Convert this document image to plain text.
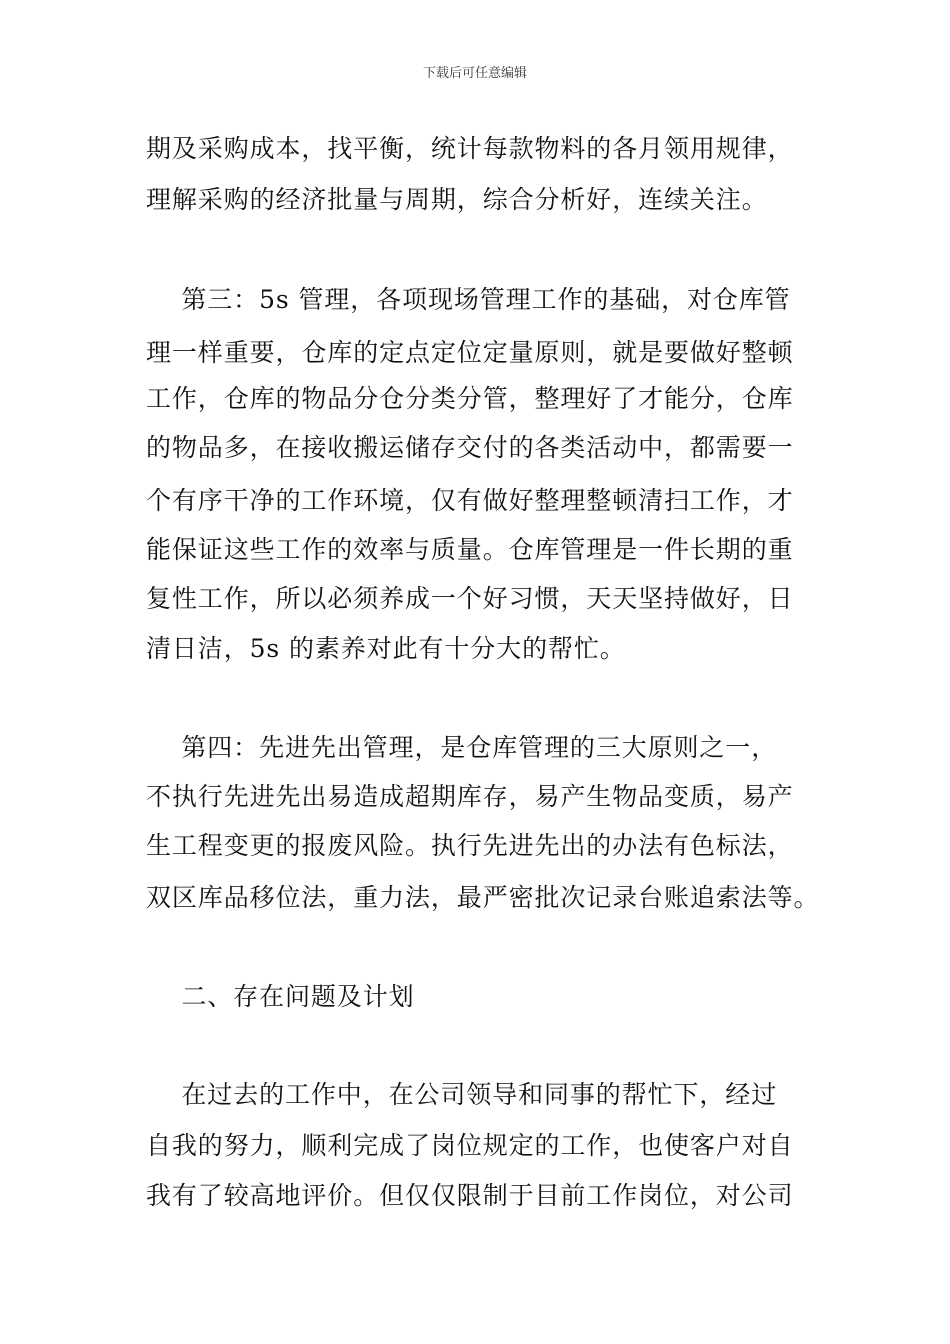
下载后可任意编辑
期及采购成本，找平衡，统计每款物料的各月领用规律，
理解采购的经济批量与周期，综合分析好，连续关注。
第三：5s 管理，各项现场管理工作的基础，对仓库管
理一样重要，仓库的定点定位定量原则，就是要做好整顿
工作，仓库的物品分仓分类分管，整理好了才能分，仓库
的物品多，在接收搬运储存交付的各类活动中，都需要一
个有序干净的工作环境，仅有做好整理整顿清扫工作，才
能保证这些工作的效率与质量。仓库管理是一件长期的重
复性工作，所以必须养成一个好习惯，天天坚持做好，日
清日洁，5s 的素养对此有十分大的帮忙。
第四：先进先出管理，是仓库管理的三大原则之一，
不执行先进先出易造成超期库存，易产生物品变质，易产
生工程变更的报废风险。执行先进先出的办法有色标法，
双区库品移位法，重力法，最严密批次记录台账追索法等。
二、存在问题及计划
在过去的工作中，在公司领导和同事的帮忙下，经过
自我的努力，顺利完成了岗位规定的工作，也使客户对自
我有了较高地评价。但仅仅限制于目前工作岗位，对公司
